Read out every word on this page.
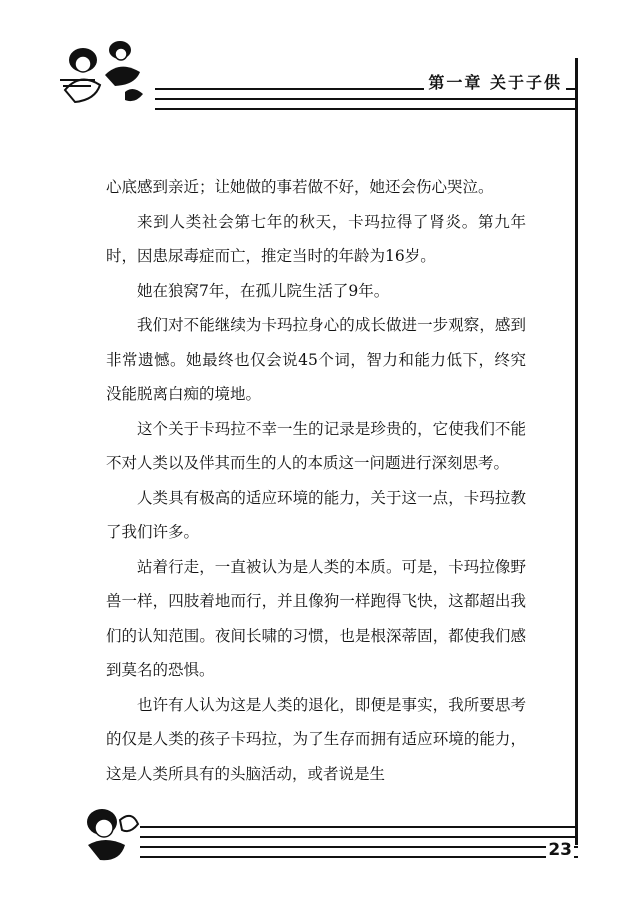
第一章 关于子供

心底感到亲近；让她做的事若做不好，她还会伤心哭泣。

来到人类社会第七年的秋天，卡玛拉得了肾炎。第九年时，因患尿毒症而亡，推定当时的年龄为16岁。

她在狼窝7年，在孤儿院生活了9年。

我们对不能继续为卡玛拉身心的成长做进一步观察，感到非常遗憾。她最终也仅会说45个词，智力和能力低下，终究没能脱离白痴的境地。

这个关于卡玛拉不幸一生的记录是珍贵的，它使我们不能不对人类以及伴其而生的人的本质这一问题进行深刻思考。

人类具有极高的适应环境的能力，关于这一点，卡玛拉教了我们许多。

站着行走，一直被认为是人类的本质。可是，卡玛拉像野兽一样，四肢着地而行，并且像狗一样跑得飞快，这都超出我们的认知范围。夜间长啸的习惯，也是根深蒂固，都使我们感到莫名的恐惧。

也许有人认为这是人类的退化，即便是事实，我所要思考的仅是人类的孩子卡玛拉，为了生存而拥有适应环境的能力，这是人类所具有的头脑活动，或者说是生

23
